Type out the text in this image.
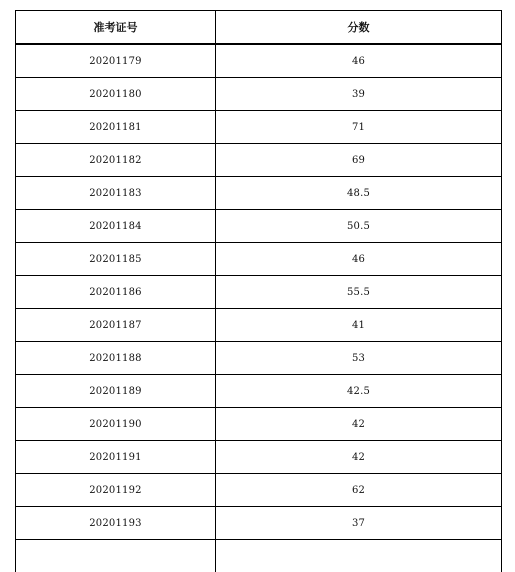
准考证号	分数
20201179	46
20201180	39
20201181	71
20201182	69
20201183	48.5
20201184	50.5
20201185	46
20201186	55.5
20201187	41
20201188	53
20201189	42.5
20201190	42
20201191	42
20201192	62
20201193	37
